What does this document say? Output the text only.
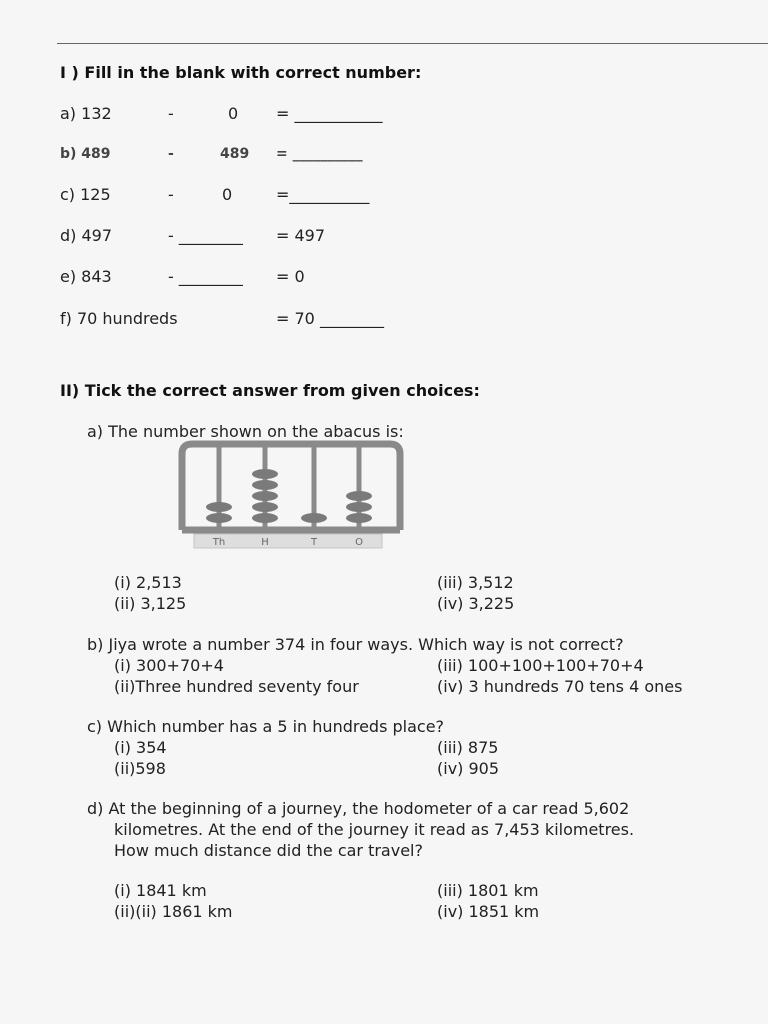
I ) Fill in the blank with correct number:
a) 132	-	0 = ___________
b) 489	-	489 = __________
c) 125	-	0	=__________
d) 497	- ________ = 497
e) 843	- ________ = 0
f) 70 hundreds	= 70 ________
II) Tick the correct answer from given choices:
a) The number shown on the abacus is:
Th	H	T	O
(i) 2,513
(ii) 3,125
(iii) 3,512
(iv) 3,225
b) Jiya wrote a number 374 in four ways. Which way is not correct?
(i) 300+70+4
(ii)Three hundred seventy four
(iii) 100+100+100+70+4
(iv) 3 hundreds 70 tens 4 ones
c) Which number has a 5 in hundreds place?
(i) 354
(ii)598
(iii) 875
(iv) 905
d) At the beginning of a journey, the hodometer of a car read 5,602
kilometres. At the end of the journey it read as 7,453 kilometres.
How much distance did the car travel?
(i) 1841 km
(ii)(ii) 1861 km
(iii) 1801 km
(iv) 1851 km
